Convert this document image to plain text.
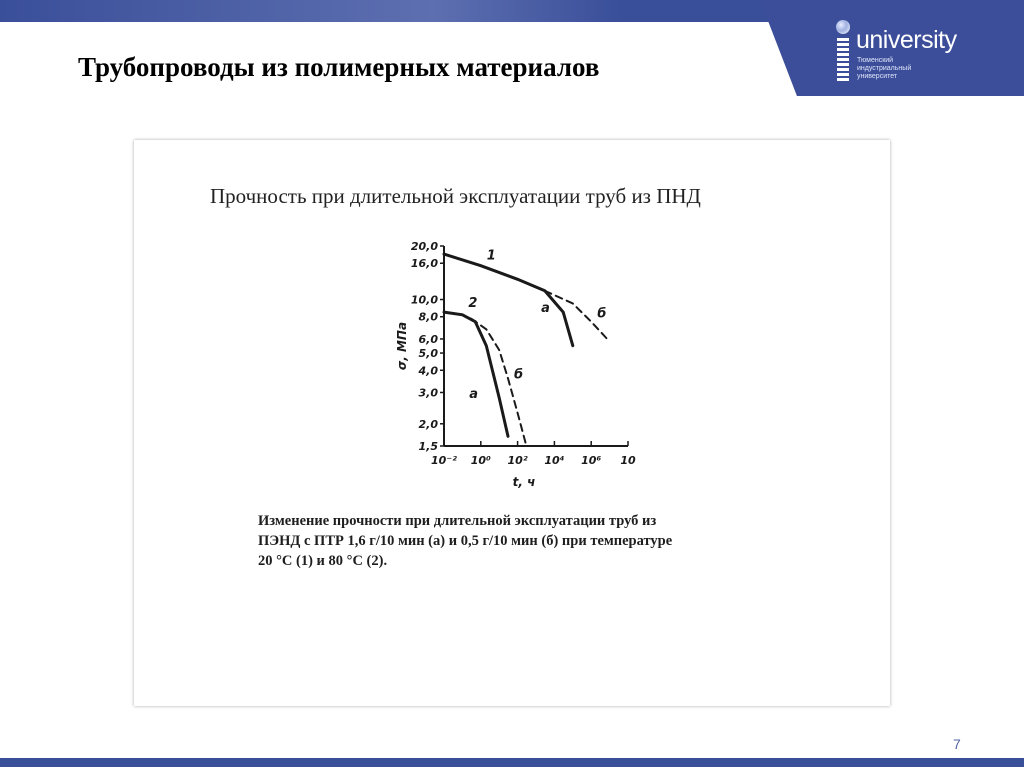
university
Тюменский
индустриальный
университет
Трубопроводы из полимерных материалов
Прочность при длительной эксплуатации труб из ПНД
20,0
16,0
10,0
8,0
6,0
5,0
4,0
3,0
2,0
1,5
10⁻² 10⁰ 10² 10⁴ 10⁶ 10
σ, МПа
t, ч
1
2	а	б
а
б

Изменение прочности при длительной эксплуатации труб из

ПЭНД с ПТР 1,6 г/10 мин (а) и 0,5 г/10 мин (б) при температуре

20 °С (1) и 80 °С (2).

7
